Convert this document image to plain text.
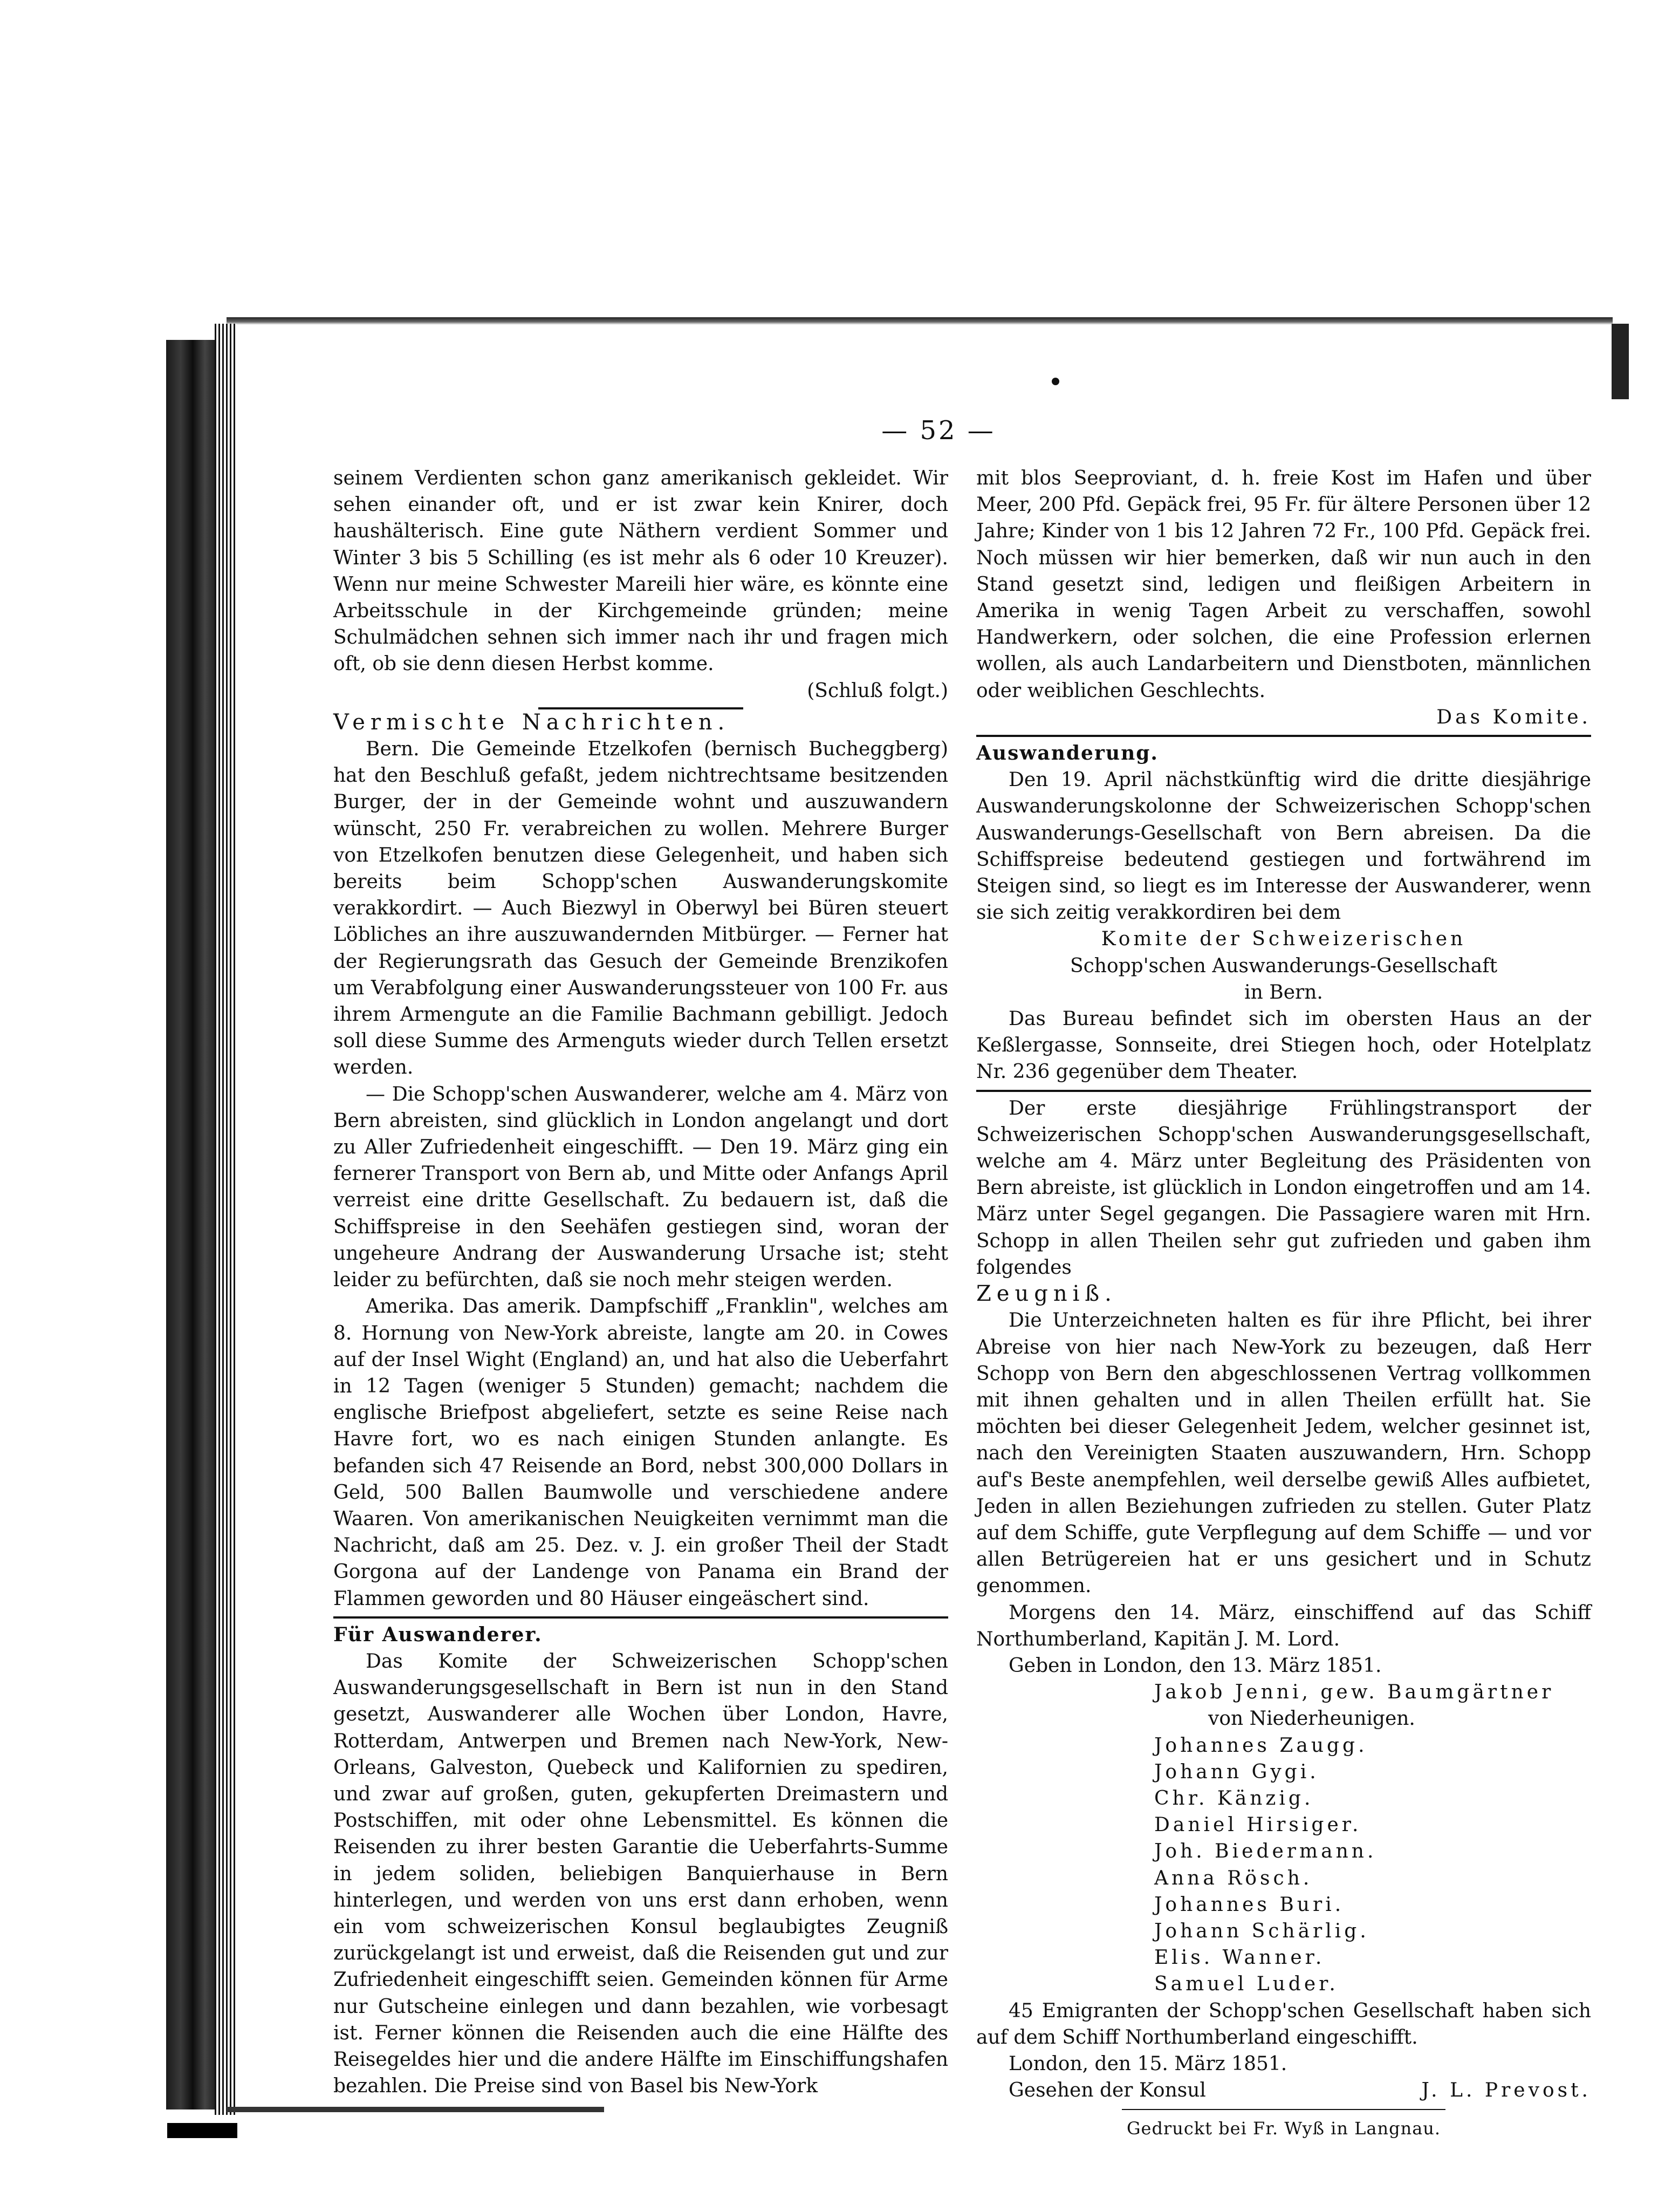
— 52 —

seinem Verdienten schon ganz amerikanisch gekleidet. Wir sehen einander oft, und er ist zwar kein Knirer, doch haushälterisch. Eine gute Näthern verdient Sommer und Winter 3 bis 5 Schilling (es ist mehr als 6 oder 10 Kreuzer). Wenn nur meine Schwester Mareili hier wäre, es könnte eine Arbeitsschule in der Kirchgemeinde gründen; meine Schulmädchen sehnen sich immer nach ihr und fragen mich oft, ob sie denn diesen Herbst komme.

(Schluß folgt.)

Vermischte Nachrichten.

Bern. Die Gemeinde Etzelkofen (bernisch Bucheggberg) hat den Beschluß gefaßt, jedem nichtrechtsame besitzenden Burger, der in der Gemeinde wohnt und auszuwandern wünscht, 250 Fr. verabreichen zu wollen. Mehrere Burger von Etzelkofen benutzen diese Gelegenheit, und haben sich bereits beim Schopp'schen Auswanderungskomite verakkordirt. — Auch Biezwyl in Oberwyl bei Büren steuert Löbliches an ihre auszuwandernden Mitbürger. — Ferner hat der Regierungsrath das Gesuch der Gemeinde Brenzikofen um Verabfolgung einer Auswanderungssteuer von 100 Fr. aus ihrem Armengute an die Familie Bachmann gebilligt. Jedoch soll diese Summe des Armenguts wieder durch Tellen ersetzt werden.

— Die Schopp'schen Auswanderer, welche am 4. März von Bern abreisten, sind glücklich in London angelangt und dort zu Aller Zufriedenheit eingeschifft. — Den 19. März ging ein fernerer Transport von Bern ab, und Mitte oder Anfangs April verreist eine dritte Gesellschaft. Zu bedauern ist, daß die Schiffspreise in den Seehäfen gestiegen sind, woran der ungeheure Andrang der Auswanderung Ursache ist; steht leider zu befürchten, daß sie noch mehr steigen werden.

Amerika. Das amerik. Dampfschiff „Franklin", welches am 8. Hornung von New-York abreiste, langte am 20. in Cowes auf der Insel Wight (England) an, und hat also die Ueberfahrt in 12 Tagen (weniger 5 Stunden) gemacht; nachdem die englische Briefpost abgeliefert, setzte es seine Reise nach Havre fort, wo es nach einigen Stunden anlangte. Es befanden sich 47 Reisende an Bord, nebst 300,000 Dollars in Geld, 500 Ballen Baumwolle und verschiedene andere Waaren. Von amerikanischen Neuigkeiten vernimmt man die Nachricht, daß am 25. Dez. v. J. ein großer Theil der Stadt Gorgona auf der Landenge von Panama ein Brand der Flammen geworden und 80 Häuser eingeäschert sind.

Für Auswanderer.

Das Komite der Schweizerischen Schopp'schen Auswanderungsgesellschaft in Bern ist nun in den Stand gesetzt, Auswanderer alle Wochen über London, Havre, Rotterdam, Antwerpen und Bremen nach New-York, New-Orleans, Galveston, Quebeck und Kalifornien zu spediren, und zwar auf großen, guten, gekupferten Dreimastern und Postschiffen, mit oder ohne Lebensmittel. Es können die Reisenden zu ihrer besten Garantie die Ueberfahrts-Summe in jedem soliden, beliebigen Banquierhause in Bern hinterlegen, und werden von uns erst dann erhoben, wenn ein vom schweizerischen Konsul beglaubigtes Zeugniß zurückgelangt ist und erweist, daß die Reisenden gut und zur Zufriedenheit eingeschifft seien. Gemeinden können für Arme nur Gutscheine einlegen und dann bezahlen, wie vorbesagt ist. Ferner können die Reisenden auch die eine Hälfte des Reisegeldes hier und die andere Hälfte im Einschiffungshafen bezahlen. Die Preise sind von Basel bis New-York

mit blos Seeproviant, d. h. freie Kost im Hafen und über Meer, 200 Pfd. Gepäck frei, 95 Fr. für ältere Personen über 12 Jahre; Kinder von 1 bis 12 Jahren 72 Fr., 100 Pfd. Gepäck frei. Noch müssen wir hier bemerken, daß wir nun auch in den Stand gesetzt sind, ledigen und fleißigen Arbeitern in Amerika in wenig Tagen Arbeit zu verschaffen, sowohl Handwerkern, oder solchen, die eine Profession erlernen wollen, als auch Landarbeitern und Dienstboten, männlichen oder weiblichen Geschlechts.

Das Komite.

Auswanderung.

Den 19. April nächstkünftig wird die dritte diesjährige Auswanderungskolonne der Schweizerischen Schopp'schen Auswanderungs-Gesellschaft von Bern abreisen. Da die Schiffspreise bedeutend gestiegen und fortwährend im Steigen sind, so liegt es im Interesse der Auswanderer, wenn sie sich zeitig verakkordiren bei dem

Komite der Schweizerischen

Schopp'schen Auswanderungs-Gesellschaft

in Bern.

Das Bureau befindet sich im obersten Haus an der Keßlergasse, Sonnseite, drei Stiegen hoch, oder Hotelplatz Nr. 236 gegenüber dem Theater.

Der erste diesjährige Frühlingstransport der Schweizerischen Schopp'schen Auswanderungsgesellschaft, welche am 4. März unter Begleitung des Präsidenten von Bern abreiste, ist glücklich in London eingetroffen und am 14. März unter Segel gegangen. Die Passagiere waren mit Hrn. Schopp in allen Theilen sehr gut zufrieden und gaben ihm folgendes

Zeugniß.

Die Unterzeichneten halten es für ihre Pflicht, bei ihrer Abreise von hier nach New-York zu bezeugen, daß Herr Schopp von Bern den abgeschlossenen Vertrag vollkommen mit ihnen gehalten und in allen Theilen erfüllt hat. Sie möchten bei dieser Gelegenheit Jedem, welcher gesinnet ist, nach den Vereinigten Staaten auszuwandern, Hrn. Schopp auf's Beste anempfehlen, weil derselbe gewiß Alles aufbietet, Jeden in allen Beziehungen zufrieden zu stellen. Guter Platz auf dem Schiffe, gute Verpflegung auf dem Schiffe — und vor allen Betrügereien hat er uns gesichert und in Schutz genommen.

Morgens den 14. März, einschiffend auf das Schiff Northumberland, Kapitän J. M. Lord.

Geben in London, den 13. März 1851.

Jakob Jenni, gew. Baumgärtner

von Niederheunigen.

Johannes Zaugg.

Johann Gygi.

Chr. Känzig.

Daniel Hirsiger.

Joh. Biedermann.

Anna Rösch.

Johannes Buri.

Johann Schärlig.

Elis. Wanner.

Samuel Luder.

45 Emigranten der Schopp'schen Gesellschaft haben sich auf dem Schiff Northumberland eingeschifft.

London, den 15. März 1851.

Gesehen der Konsul	J. L. Prevost.

Gedruckt bei Fr. Wyß in Langnau.
